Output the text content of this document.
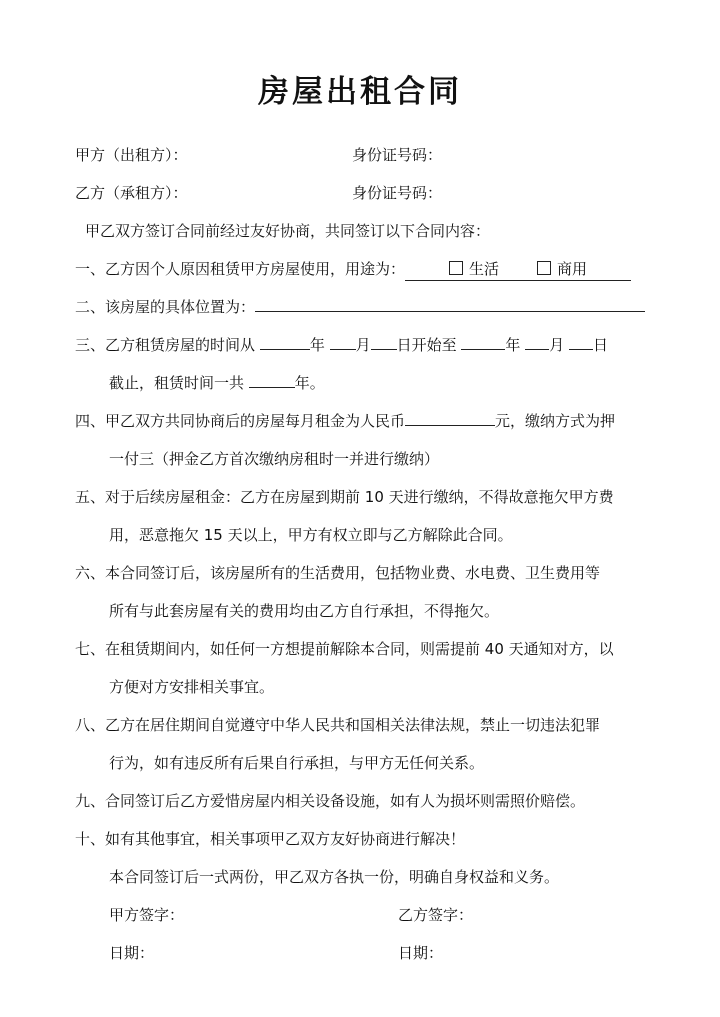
房屋出租合同
甲方（出租方）：	身份证号码：
乙方（承租方）：	身份证号码：
甲乙双方签订合同前经过友好协商，共同签订以下合同内容：
一、乙方因个人原因租赁甲方房屋使用，用途为：	生活	商用
二、该房屋的具体位置为：
三、乙方租赁房屋的时间从	年 月 日开始至	年 月 日
截止，租赁时间一共	年。
四、甲乙双方共同协商后的房屋每月租金为人民币	元，缴纳方式为押
一付三（押金乙方首次缴纳房租时一并进行缴纳）
五、对于后续房屋租金：乙方在房屋到期前 10 天进行缴纳，不得故意拖欠甲方费
用，恶意拖欠 15 天以上，甲方有权立即与乙方解除此合同。
六、本合同签订后，该房屋所有的生活费用，包括物业费、水电费、卫生费用等
所有与此套房屋有关的费用均由乙方自行承担，不得拖欠。
七、在租赁期间内，如任何一方想提前解除本合同，则需提前 40 天通知对方，以
方便对方安排相关事宜。
八、乙方在居住期间自觉遵守中华人民共和国相关法律法规，禁止一切违法犯罪
行为，如有违反所有后果自行承担，与甲方无任何关系。
九、合同签订后乙方爱惜房屋内相关设备设施，如有人为损坏则需照价赔偿。
十、如有其他事宜，相关事项甲乙双方友好协商进行解决！
本合同签订后一式两份，甲乙双方各执一份，明确自身权益和义务。
甲方签字：	乙方签字：
日期：	日期：
